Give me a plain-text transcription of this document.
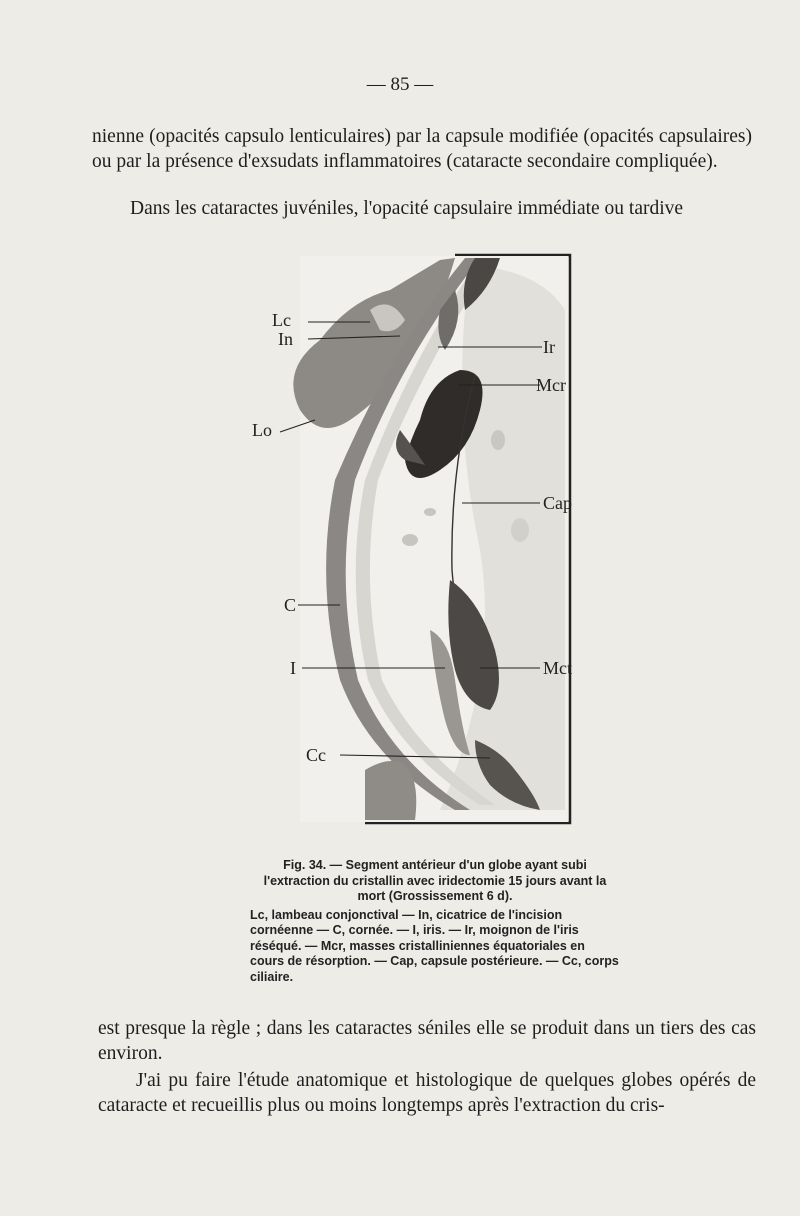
— 85 —

nienne (opacités capsulo lenticulaires) par la capsule modifiée (opacités capsulaires) ou par la présence d'exsudats inflammatoires (cataracte secondaire compliquée).

Dans les cataractes juvéniles, l'opacité capsulaire immédiate ou tardive

Lc
In
Lo
Ir
Mcr
Cap
C
I	Mct
Cc

Fig. 34. — Segment antérieur d'un globe ayant subi l'extraction du cristallin avec iridectomie 15 jours avant la mort (Grossissement 6 d).

Lc, lambeau conjonctival — In, cicatrice de l'incision cornéenne — C, cornée. — I, iris. — Ir, moignon de l'iris réséqué. — Mcr, masses cristalliniennes équatoriales en cours de résorption. — Cap, capsule postérieure. — Cc, corps ciliaire.

est presque la règle ; dans les cataractes séniles elle se produit dans un tiers des cas environ.

J'ai pu faire l'étude anatomique et histologique de quelques globes opérés de cataracte et recueillis plus ou moins longtemps après l'extraction du cris-
